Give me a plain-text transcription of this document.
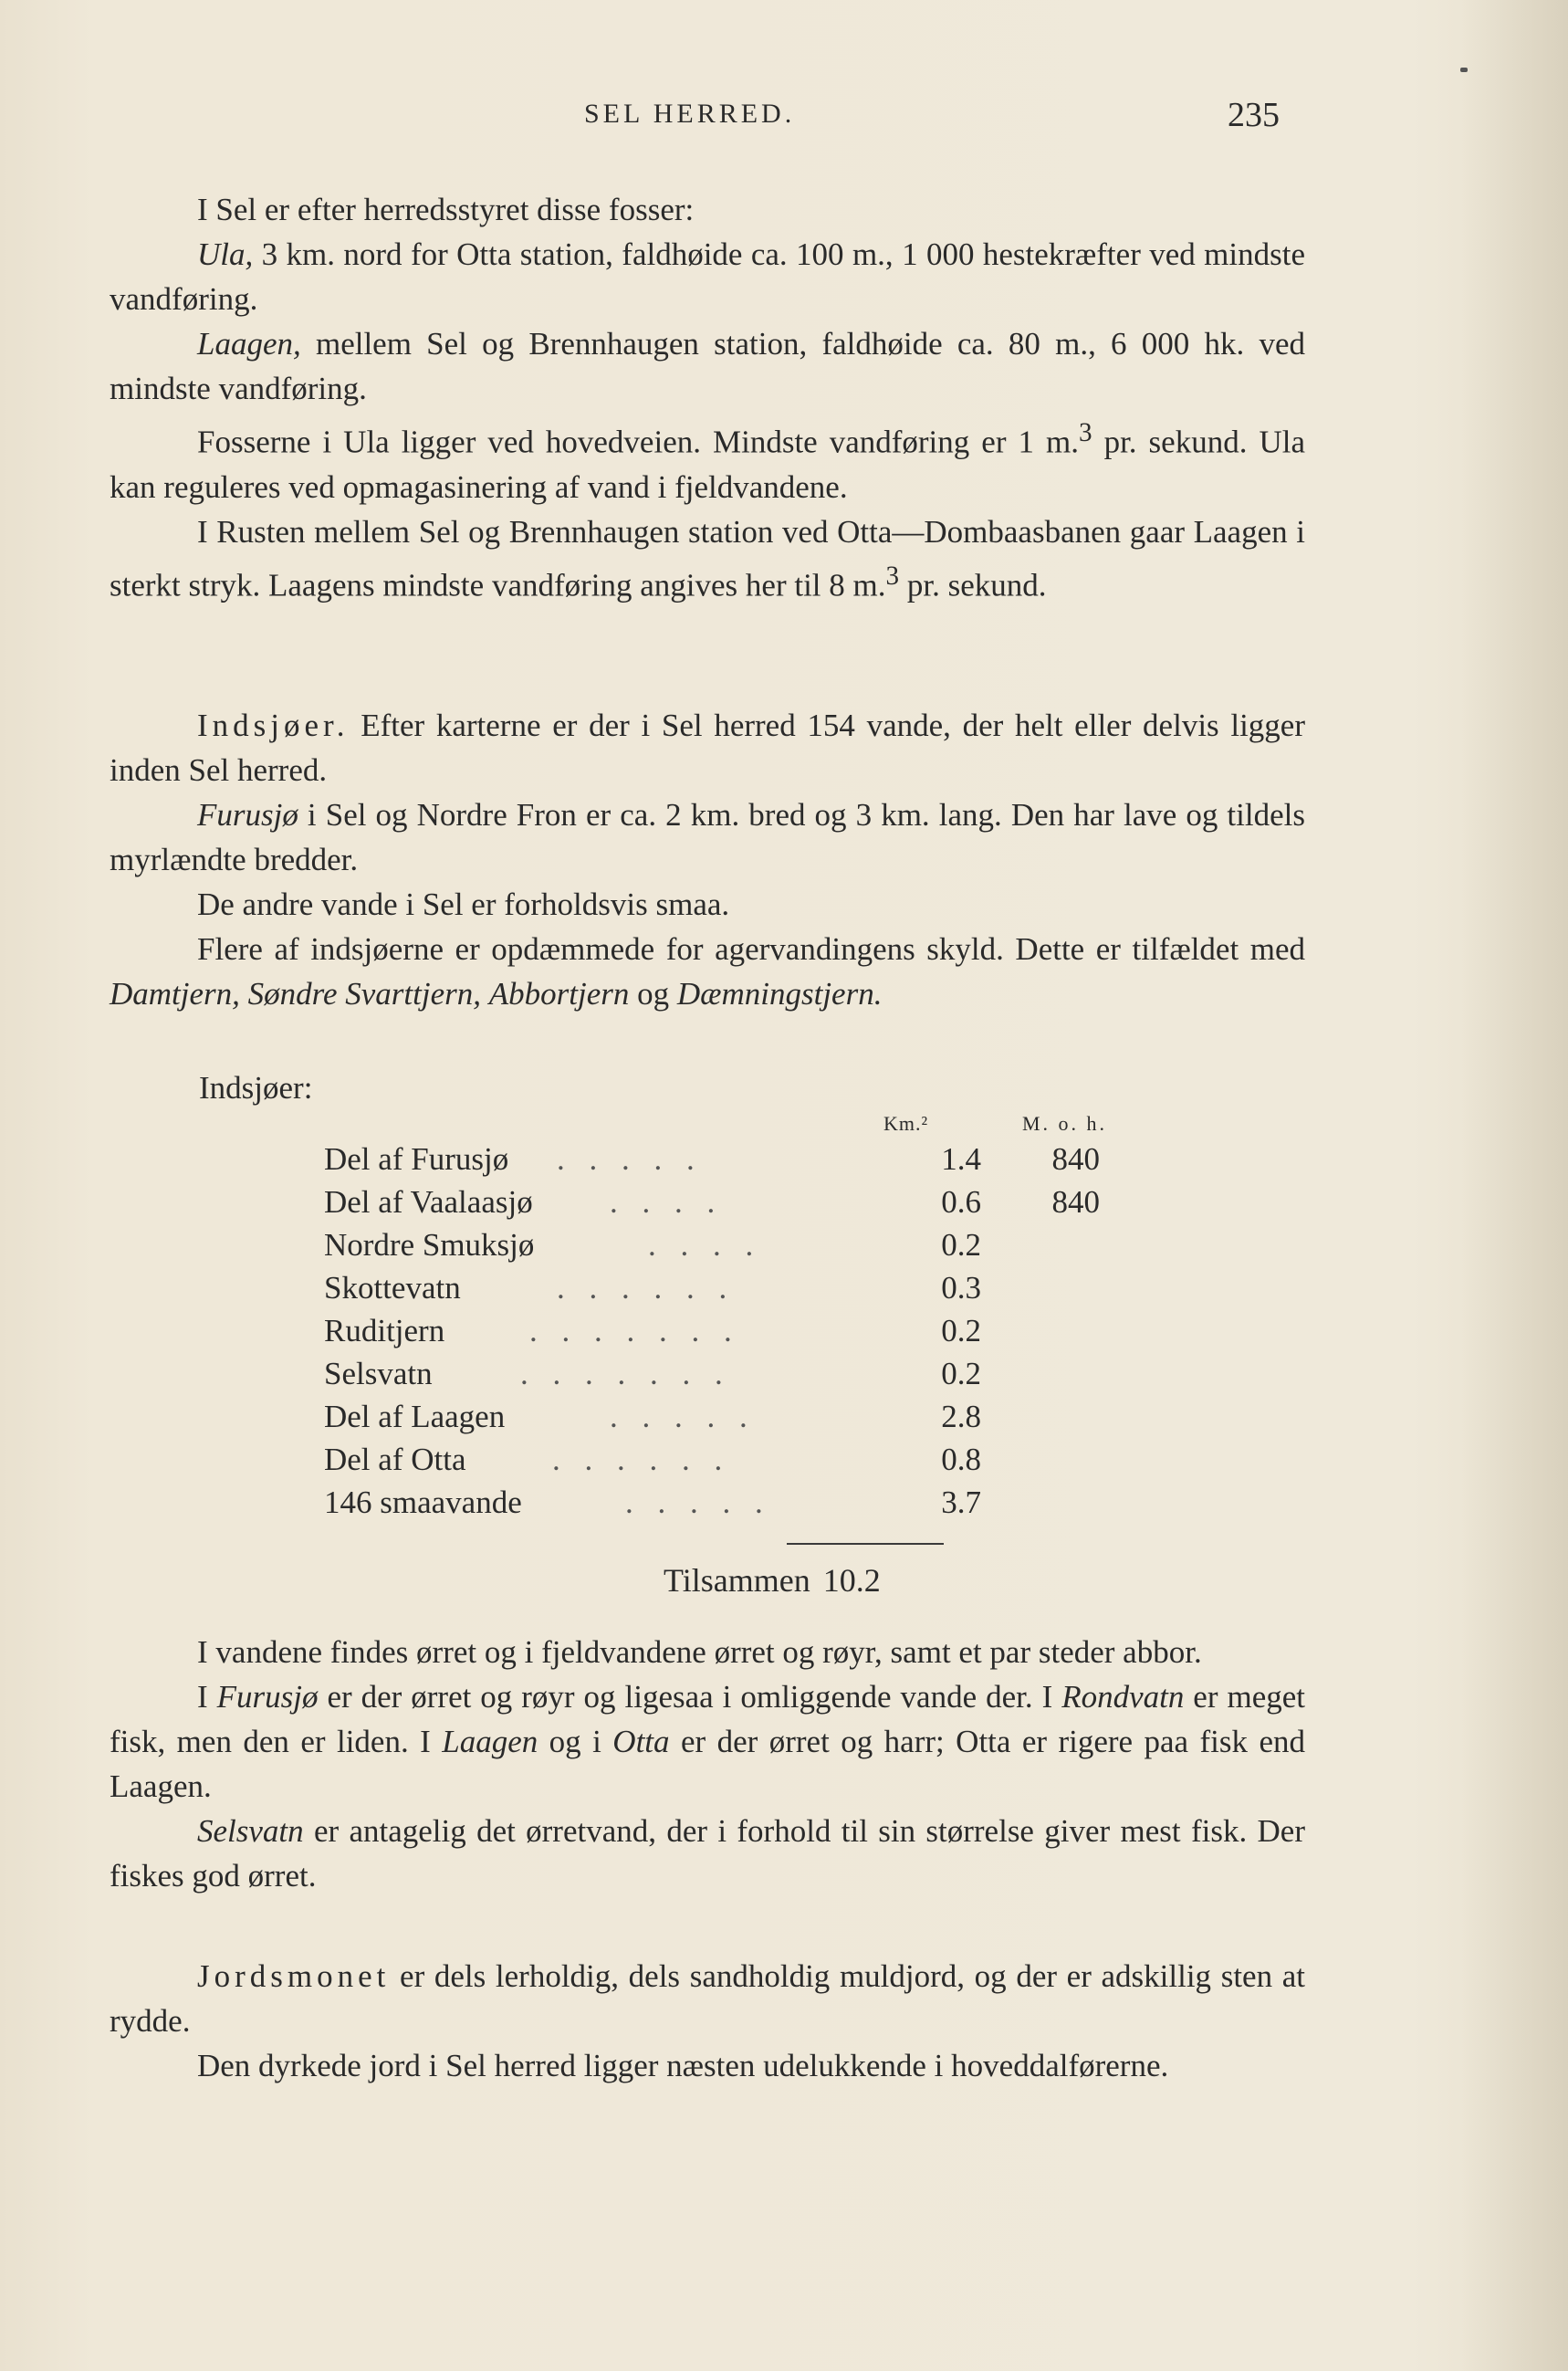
SEL HERRED.	235

I Sel er efter herredsstyret disse fosser:

Ula, 3 km. nord for Otta station, faldhøide ca. 100 m., 1 000 hestekræfter ved mindste vandføring.

Laagen, mellem Sel og Brennhaugen station, faldhøide ca. 80 m., 6 000 hk. ved mindste vandføring.

Fosserne i Ula ligger ved hovedveien. Mindste vandføring er 1 m.$^3$ pr. sekund. Ula kan reguleres ved opmagasinering af vand i fjeldvandene.

I Rusten mellem Sel og Brennhaugen station ved Otta—Dombaasbanen gaar Laagen i sterkt stryk. Laagens mindste vandføring angives her til 8 m.$^3$ pr. sekund.

Indsjøer. Efter karterne er der i Sel herred 154 vande, der helt eller delvis ligger inden Sel herred.

Furusjø i Sel og Nordre Fron er ca. 2 km. bred og 3 km. lang. Den har lave og tildels myrlændte bredder.

De andre vande i Sel er forholdsvis smaa.

Flere af indsjøerne er opdæmmede for agervandingens skyld. Dette er tilfældet med Damtjern, Søndre Svarttjern, Abbortjern og Dæmningstjern.

Indsjøer:
Km.²	M. o. h.
Del af Furusjø . . . . .	1.4	840
Del af Vaalaasjø . . . .	0.6	840
Nordre Smuksjø	. . . .	0.2
Skottevatn	. . . . . .	0.3
Ruditjern	. . . . . . .	0.2
Selsvatn	. . . . . . .	0.2
Del af Laagen	. . . . .	2.8
Del af Otta	. . . . . .	0.8
146 smaavande	. . . . .	3.7
Tilsammen 10.2

I vandene findes ørret og i fjeldvandene ørret og røyr, samt et par steder abbor.

I Furusjø er der ørret og røyr og ligesaa i omliggende vande der. I Rondvatn er meget fisk, men den er liden. I Laagen og i Otta er der ørret og harr; Otta er rigere paa fisk end Laagen.

Selsvatn er antagelig det ørretvand, der i forhold til sin størrelse giver mest fisk. Der fiskes god ørret.

Jordsmonet er dels lerholdig, dels sandholdig muldjord, og der er adskillig sten at rydde.

Den dyrkede jord i Sel herred ligger næsten udelukkende i hoveddalførerne.
